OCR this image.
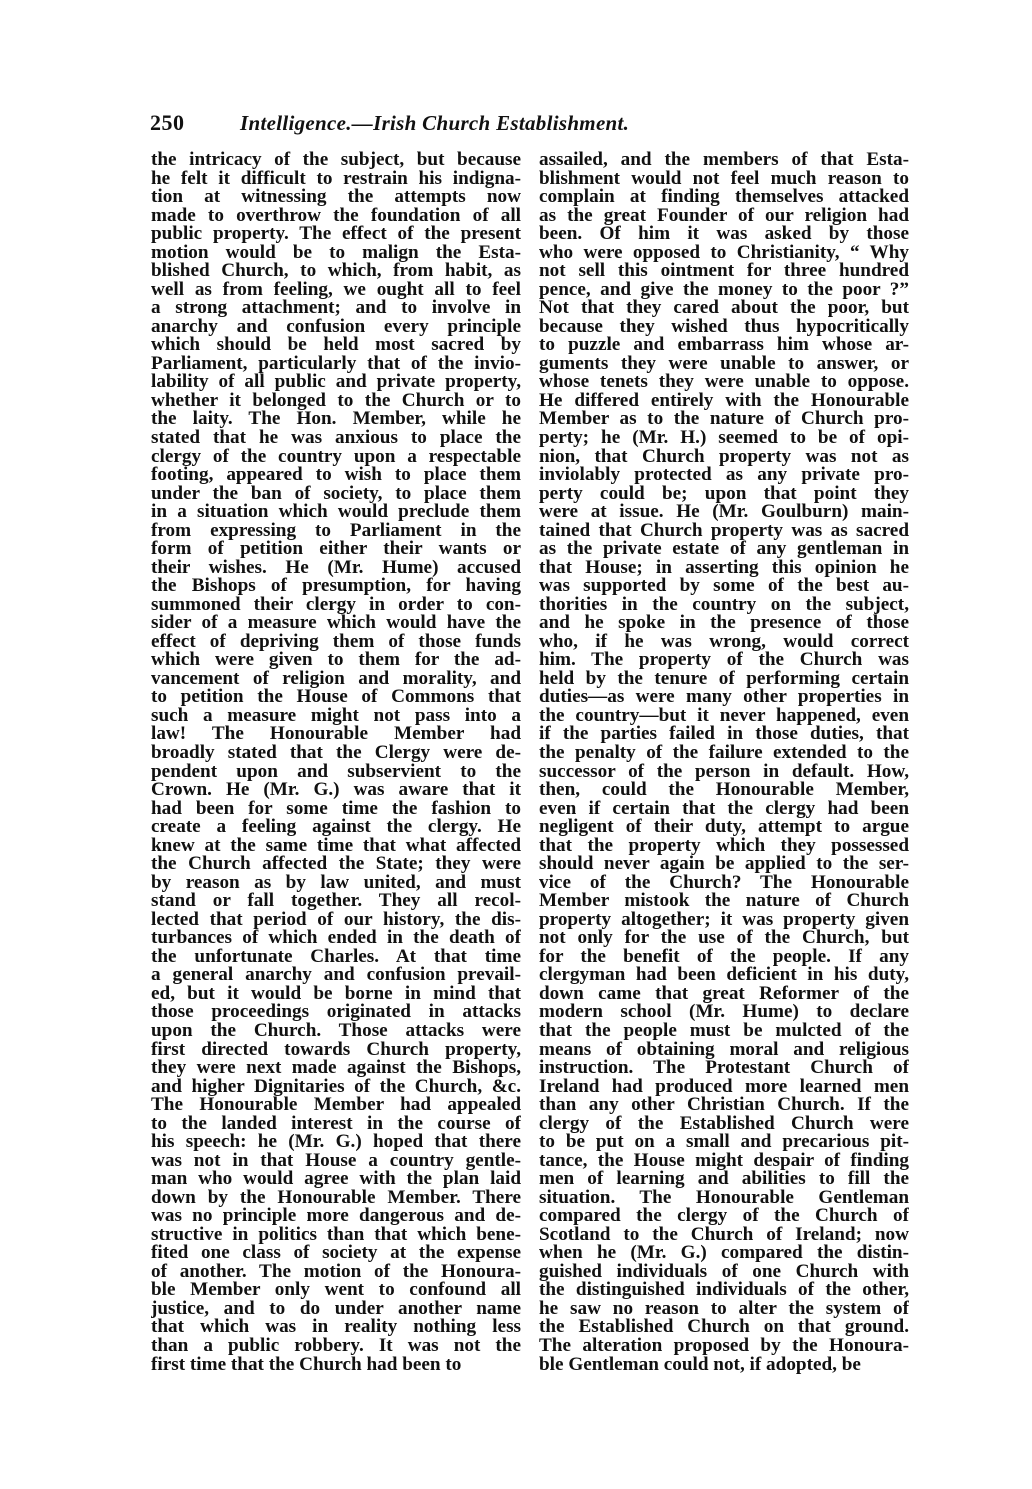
250	Intelligence.—Irish Church Establishment.
the intricacy of the subject, but because
he felt it difficult to restrain his indigna-
tion at witnessing the attempts now
made to overthrow the foundation of all
public property. The effect of the present
motion would be to malign the Esta-
blished Church, to which, from habit, as
well as from feeling, we ought all to feel
a strong attachment; and to involve in
anarchy and confusion every principle
which should be held most sacred by
Parliament, particularly that of the invio-
lability of all public and private property,
whether it belonged to the Church or to
the laity. The Hon. Member, while he
stated that he was anxious to place the
clergy of the country upon a respectable
footing, appeared to wish to place them
under the ban of society, to place them
in a situation which would preclude them
from expressing to Parliament in the
form of petition either their wants or
their wishes. He (Mr. Hume) accused
the Bishops of presumption, for having
summoned their clergy in order to con-
sider of a measure which would have the
effect of depriving them of those funds
which were given to them for the ad-
vancement of religion and morality, and
to petition the House of Commons that
such a measure might not pass into a
law! The Honourable Member had
broadly stated that the Clergy were de-
pendent upon and subservient to the
Crown. He (Mr. G.) was aware that it
had been for some time the fashion to
create a feeling against the clergy. He
knew at the same time that what affected
the Church affected the State; they were
by reason as by law united, and must
stand or fall together. They all recol-
lected that period of our history, the dis-
turbances of which ended in the death of
the unfortunate Charles. At that time
a general anarchy and confusion prevail-
ed, but it would be borne in mind that
those proceedings originated in attacks
upon the Church. Those attacks were
first directed towards Church property,
they were next made against the Bishops,
and higher Dignitaries of the Church, &c.
The Honourable Member had appealed
to the landed interest in the course of
his speech: he (Mr. G.) hoped that there
was not in that House a country gentle-
man who would agree with the plan laid
down by the Honourable Member. There
was no principle more dangerous and de-
structive in politics than that which bene-
fited one class of society at the expense
of another. The motion of the Honoura-
ble Member only went to confound all
justice, and to do under another name
that which was in reality nothing less
than a public robbery. It was not the
first time that the Church had been to
assailed, and the members of that Esta-
blishment would not feel much reason to
complain at finding themselves attacked
as the great Founder of our religion had
been. Of him it was asked by those
who were opposed to Christianity, “ Why
not sell this ointment for three hundred
pence, and give the money to the poor ?”
Not that they cared about the poor, but
because they wished thus hypocritically
to puzzle and embarrass him whose ar-
guments they were unable to answer, or
whose tenets they were unable to oppose.
He differed entirely with the Honourable
Member as to the nature of Church pro-
perty; he (Mr. H.) seemed to be of opi-
nion, that Church property was not as
inviolably protected as any private pro-
perty could be; upon that point they
were at issue. He (Mr. Goulburn) main-
tained that Church property was as sacred
as the private estate of any gentleman in
that House; in asserting this opinion he
was supported by some of the best au-
thorities in the country on the subject,
and he spoke in the presence of those
who, if he was wrong, would correct
him. The property of the Church was
held by the tenure of performing certain
duties—as were many other properties in
the country—but it never happened, even
if the parties failed in those duties, that
the penalty of the failure extended to the
successor of the person in default. How,
then, could the Honourable Member,
even if certain that the clergy had been
negligent of their duty, attempt to argue
that the property which they possessed
should never again be applied to the ser-
vice of the Church? The Honourable
Member mistook the nature of Church
property altogether; it was property given
not only for the use of the Church, but
for the benefit of the people. If any
clergyman had been deficient in his duty,
down came that great Reformer of the
modern school (Mr. Hume) to declare
that the people must be mulcted of the
means of obtaining moral and religious
instruction. The Protestant Church of
Ireland had produced more learned men
than any other Christian Church. If the
clergy of the Established Church were
to be put on a small and precarious pit-
tance, the House might despair of finding
men of learning and abilities to fill the
situation. The Honourable Gentleman
compared the clergy of the Church of
Scotland to the Church of Ireland; now
when he (Mr. G.) compared the distin-
guished individuals of one Church with
the distinguished individuals of the other,
he saw no reason to alter the system of
the Established Church on that ground.
The alteration proposed by the Honoura-
ble Gentleman could not, if adopted, be
